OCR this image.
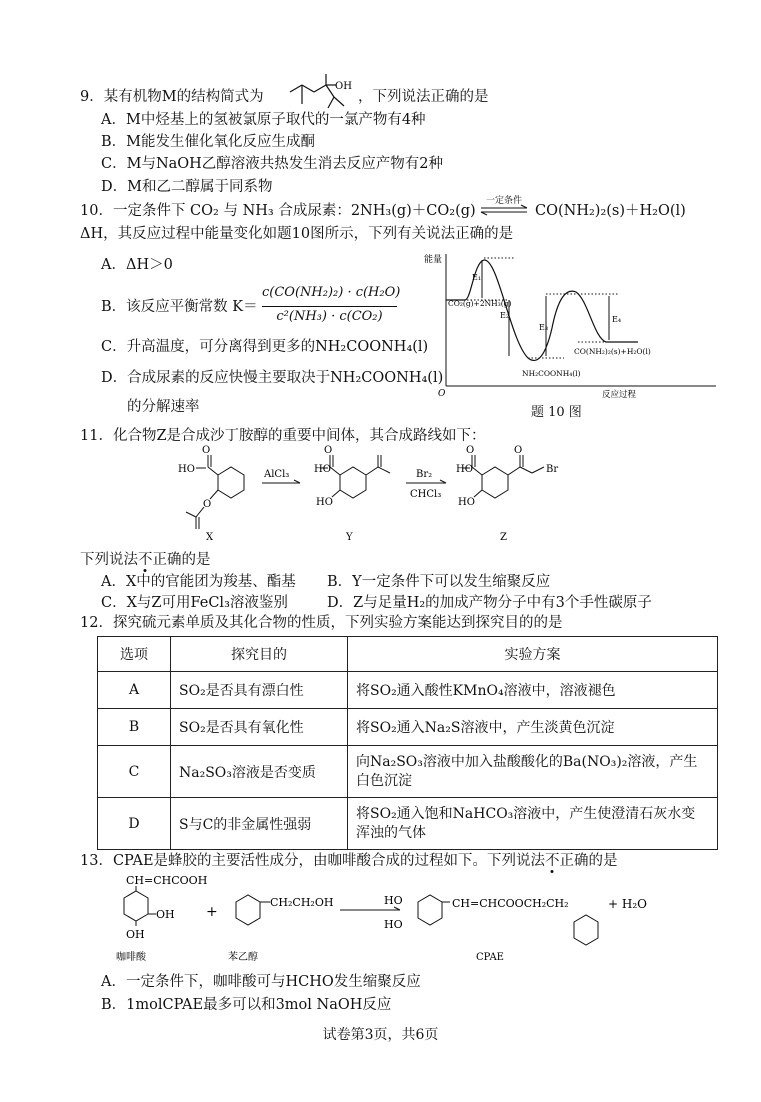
9．某有机物M的结构简式为
OH
，下列说法正确的是
A．M中烃基上的氢被氯原子取代的一氯产物有4种
B．M能发生催化氧化反应生成酮
C．M与NaOH乙醇溶液共热发生消去反应产物有2种
D．M和乙二醇属于同系物
10．一定条件下 CO₂ 与 NH₃ 合成尿素：2NH₃(g)＋CO₂(g)
一定条件
CO(NH₂)₂(s)＋H₂O(l)
ΔH，其反应过程中能量变化如题10图所示，下列有关说法正确的是
A．ΔH＞0
B．该反应平衡常数 K＝
c(CO(NH₂)₂) · c(H₂O)
c²(NH₃) · c(CO₂)
C．升高温度，可分离得到更多的NH₂COONH₄(l)
D．合成尿素的反应快慢主要取决于NH₂COONH₄(l)
的分解速率
能量
O	反应过程
CO₂(g)+2NH₃(g)
NH₂COONH₄(l)
CO(NH₂)₂(s)+H₂O(l)
E₁
E₂
E₃
E₄
题 10 图
11．化合物Z是合成沙丁胺醇的重要中间体，其合成路线如下：
HO
O
O
HO
O
HO
HO
O
HO
O
Br
AlCl₃	Br₂
CHCl₃
X	Y	Z
下列说法不正确的是
A．X中的官能团为羧基、酯基 B．Y一定条件下可以发生缩聚反应
C．X与Z可用FeCl₃溶液鉴别	D．Z与足量H₂的加成产物分子中有3个手性碳原子
12．探究硫元素单质及其化合物的性质，下列实验方案能达到探究目的的是
选项	探究目的	实验方案
A	SO₂是否具有漂白性	将SO₂通入酸性KMnO₄溶液中，溶液褪色
B	SO₂是否具有氧化性	将SO₂通入Na₂S溶液中，产生淡黄色沉淀
C	Na₂SO₃溶液是否变质	向Na₂SO₃溶液中加入盐酸酸化的Ba(NO₃)₂溶液，产生白色沉淀
D	S与C的非金属性强弱	将SO₂通入饱和NaHCO₃溶液中，产生使澄清石灰水变浑浊的气体
13．CPAE是蜂胶的主要活性成分，由咖啡酸合成的过程如下。下列说法不正确的是
CH=CHCOOH
OH
OH
咖啡酸
+
CH₂CH₂OH
苯乙醇
HO
HO
CH=CHCOOCH₂CH₂
CPAE
+ H₂O
A．一定条件下，咖啡酸可与HCHO发生缩聚反应
B．1molCPAE最多可以和3mol NaOH反应
试卷第3页，共6页
